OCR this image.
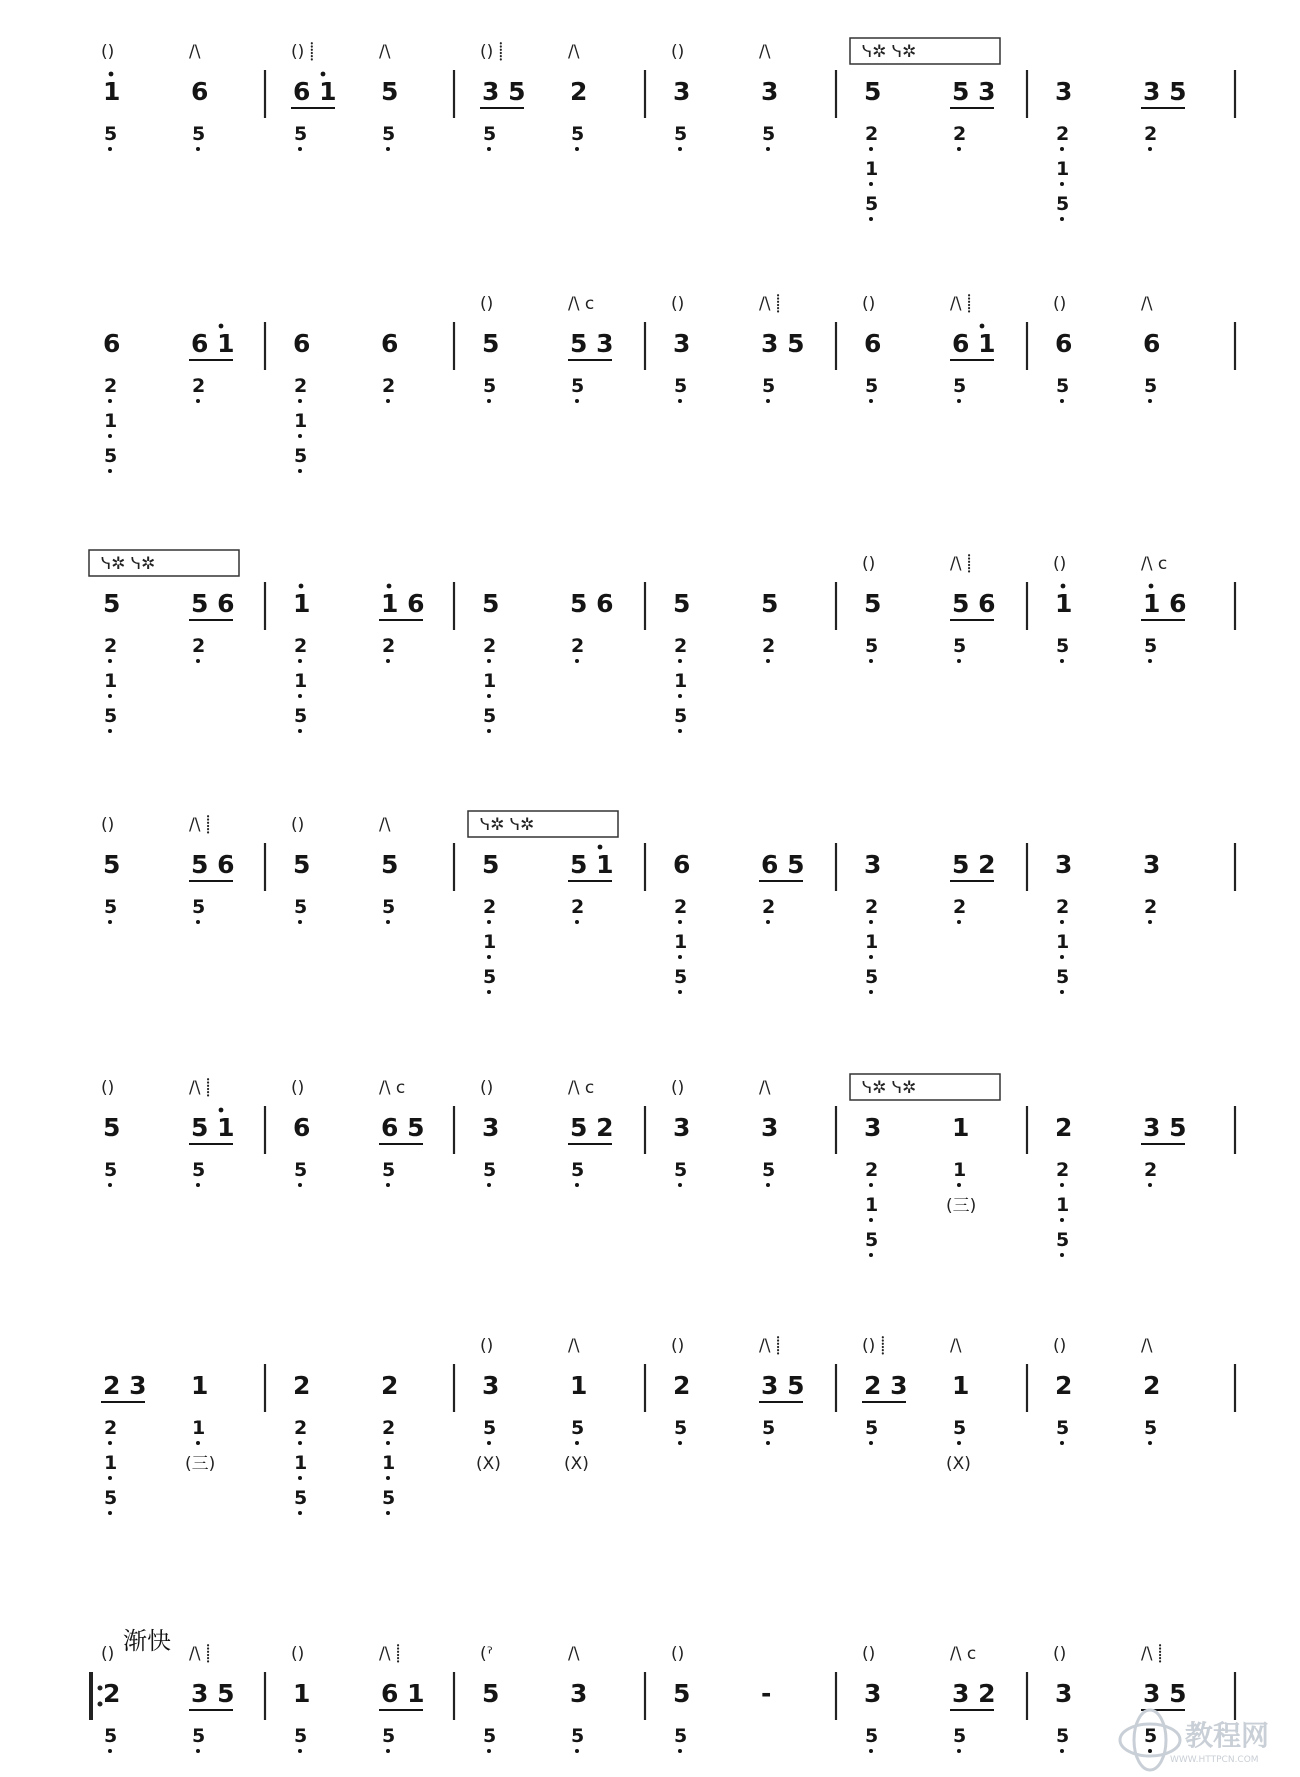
()
1
5
/\
6
5
() ⸽
6 1
5
/\
5
5
() ⸽
3 5
5
/\
2
5
()
3
5
/\
3
5
ᓭ✲ ᓭ✲
5
2
1
5
5 3
2
3
2
1
5
3 5
2
6
2
1
5
6 1
2
6
2
1
5
6
2
()
5
5
/\ c
5 3
5
()
3
5
/\ ⸽
3 5
5
()
6
5
/\ ⸽
6 1
5
()
6
5
/\
6
5
ᓭ✲ ᓭ✲
5
2
1
5
5 6
2
1
2
1
5
1 6
2
5
2
1
5
5 6
2
5
2
1
5
5
2
()
5
5
/\ ⸽
5 6
5
()
1
5
/\ c
1 6
5
()
5
5
/\ ⸽
5 6
5
()
5
5
/\
5
5
ᓭ✲ ᓭ✲
5
2
1
5
5 1
2
6
2
1
5
6 5
2
3
2
1
5
5 2
2
3
2
1
5
3
2
()
5
5
/\ ⸽
5 1
5
()
6
5
/\ c
6 5
5
()
3
5
/\ c
5 2
5
()
3
5
/\
3
5
ᓭ✲ ᓭ✲
3
2
1
5
1
1
(三)
2
2
1
5
3 5
2
2 3
2
1
5
1
1
(三)
2
2
1
5
2
2
1
5
()
3
5
(X)
/\
1
5
(X)
()
2
5
/\ ⸽
3 5
5
() ⸽
2 3
5
/\
1
5
(X)
()
2
5
/\
2
5
()
2
5
/\ ⸽
3 5
5
()
1
5
/\ ⸽
6 1
5
(ˀ
5
5
/\
3
5
()
5
5
-
()
3
5
/\ c
3 2
5
()
3
5
/\ ⸽
3 5
5
渐快
教程网
WWW.HTTPCN.COM
